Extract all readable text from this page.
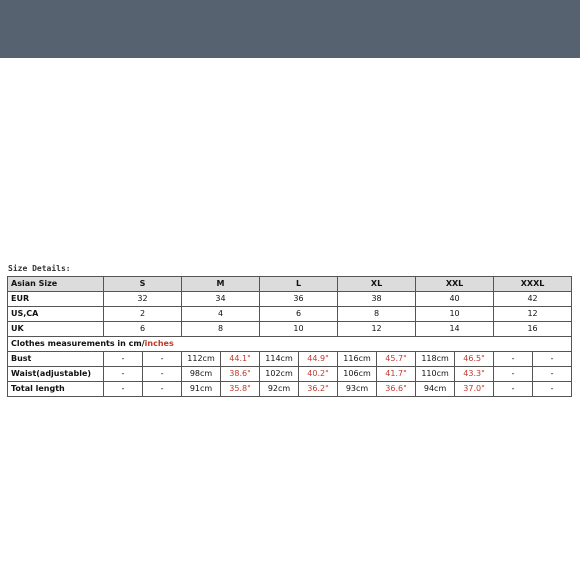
Size Details:
Asian Size	S		M		L		XL		XXL		XXXL	
EUR	32		34		36		38		40		42	
US,CA	2		4		6		8		10		12	
UK	6		8		10		12		14		16	
Clothes measurements in cm/inches												
Bust	-	-	112cm	44.1"	114cm	44.9"	116cm	45.7"	118cm	46.5"	-	-
Waist(adjustable)	-	-	98cm	38.6"	102cm	40.2"	106cm	41.7"	110cm	43.3"	-	-
Total length	-	-	91cm	35.8"	92cm	36.2"	93cm	36.6"	94cm	37.0"	-	-
